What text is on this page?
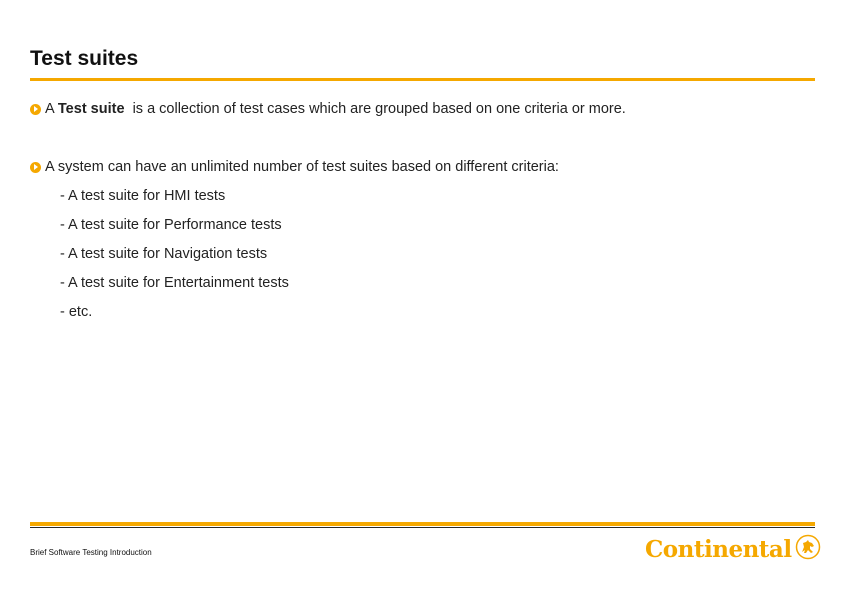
Test suites
A Test suite is a collection of test cases which are grouped based on one criteria or more.
A system can have an unlimited number of test suites based on different criteria:
- A test suite for HMI tests
- A test suite for Performance tests
- A test suite for Navigation tests
- A test suite for Entertainment tests
- etc.
Brief Software Testing Introduction	Continental
